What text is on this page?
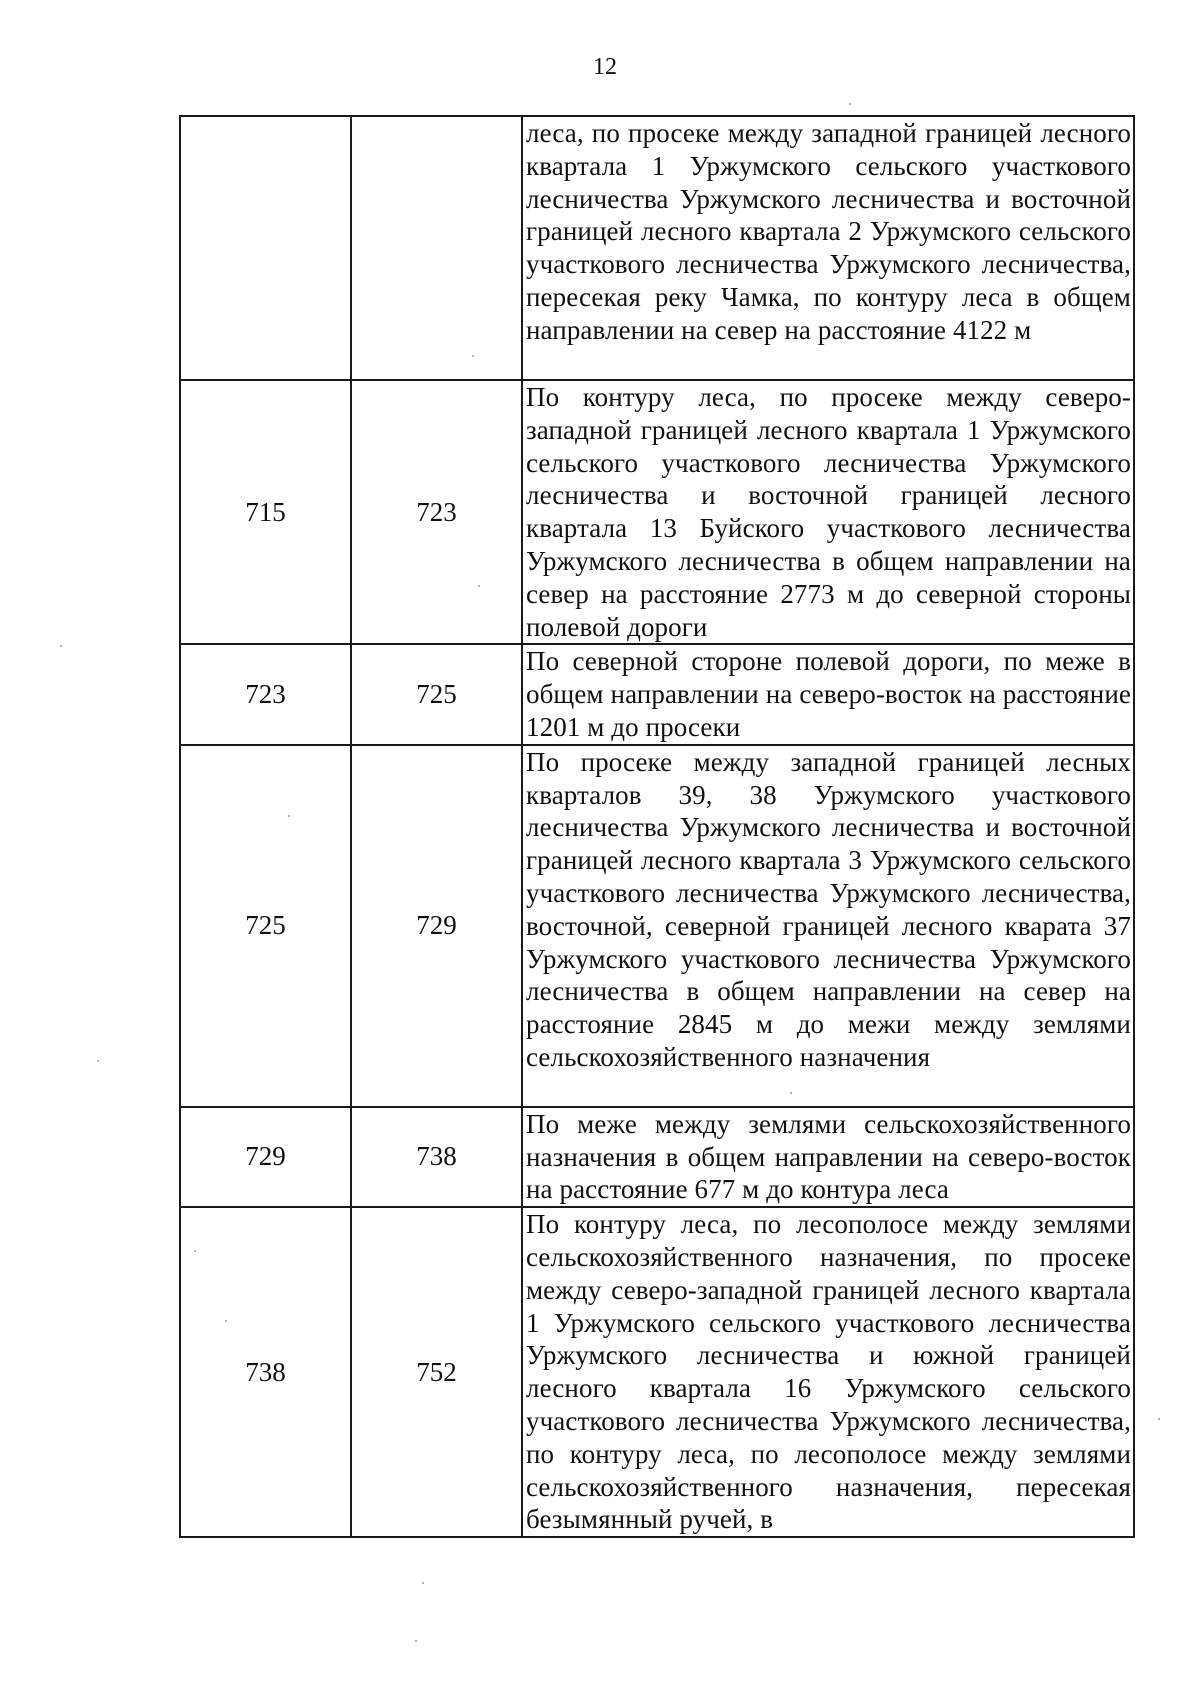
12

		леса, по просеке между западной границей лесного квартала 1 Уржумского сельского участкового лесничества Уржумского лесничества и восточной границей лесного квартала 2 Уржумского сельского участкового лесничества Уржумского лесничества, пересекая реку Чамка, по контуру леса в общем направлении на север на расстояние 4122 м

715	723	По контуру леса, по просеке между северо-западной границей лесного квартала 1 Уржумского сельского участкового лесничества Уржумского лесничества и восточной границей лесного квартала 13 Буйского участкового лесничества Уржумского лесничества в общем направлении на север на расстояние 2773 м до северной стороны полевой дороги

723	725	По северной стороне полевой дороги, по меже в общем направлении на северо-восток на расстояние 1201 м до просеки

725	729	По просеке между западной границей лесных кварталов 39, 38 Уржумского участкового лесничества Уржумского лесничества и восточной границей лесного квартала 3 Уржумского сельского участкового лесничества Уржумского лесничества, восточной, северной границей лесного кварата 37 Уржумского участкового лесничества Уржумского лесничества в общем направлении на север на расстояние 2845 м до межи между землями сельскохозяйственного назначения

729	738	По меже между землями сельскохозяйственного назначения в общем направлении на северо-восток на расстояние 677 м до контура леса

738	752	По контуру леса, по лесополосе между землями сельскохозяйственного назначения, по просеке между северо-западной границей лесного квартала 1 Уржумского сельского участкового лесничества Уржумского лесничества и южной границей лесного квартала 16 Уржумского сельского участкового лесничества Уржумского лесничества, по контуру леса, по лесополосе между землями сельскохозяйственного назначения, пересекая безымянный ручей, в
